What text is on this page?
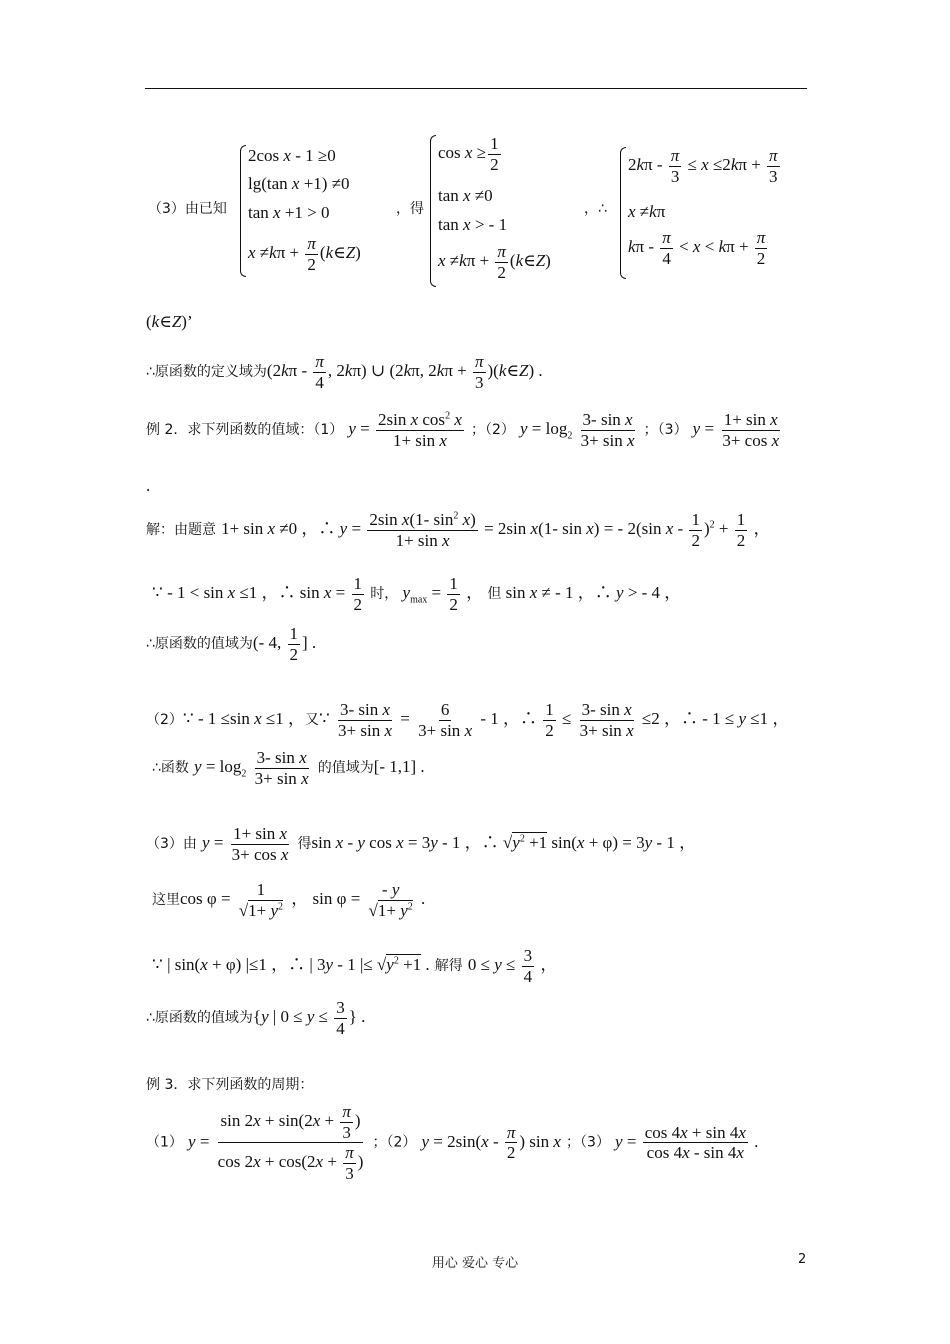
（3）由已知
2cos x - 1 ≥0
lg(tan x +1) ≠0
tan x +1 > 0
$x \ne k\pi + \frac{\pi}{2}$ (k∈Z)
，得
$\cos x \ge \frac{1}{2}$
tan x ≠0
tan x > - 1
$x \ne k\pi + \frac{\pi}{2}$ (k∈Z)
，∴
$2k\pi - \frac{\pi}{3} \le x \le 2k\pi + \frac{\pi}{3}$
x ≠kπ
$k\pi - \frac{\pi}{4} < x < k\pi + \frac{\pi}{2}$
(k∈Z)’
∴原函数的定义域为($2k\pi - \frac{\pi}{4}$ , 2kπ) ∪ (2kπ, $2k\pi + \frac{\pi}{3}$ )(k∈Z) .
例 2．求下列函数的值域：（1） $y = \frac{2\sin x \cos^2 x}{\text{1+ sin x}}$ ；（2） $y = \log_2 \frac{\text{3- sin x}}{\text{3+ sin x}}$ ；（3） $y = \frac{\text{1+ sin x}}{\text{3+ cos x}}$
.
解：由题意 1+ sin x ≠0 ，∴ $y = \frac{2\sin x(1- \sin^2 x)}{\text{1+ sin x}} = 2\sin$ x(1- sin x) = - 2(sin $x - \frac{1}{2} )^2 + \frac{1}{2}$ ，
∵ - 1 < sin x ≤1 ，∴ $\sin x = \frac{1}{2}$ 时， $y_{max} = \frac{1}{2}$ ， 但 sin x ≠ - 1 ，∴ y > - 4 ，
∴原函数的值域为(- 4, $\frac{1}{2}$ ] .
（2）∵ - 1 ≤sin x ≤1 ，又∵ $\frac{\text{3- sin x}}{\text{3+ sin x}} = \frac{6}{\text{3+ sin x}} - 1$ ，∴ $\frac{1}{2} \le \frac{\text{3- sin x}}{\text{3+ sin x}} \le 2$ ，∴ - 1 ≤ y ≤1 ，
∴函数 $y = \log_2 \frac{\text{3- sin x}}{\text{3+ sin x}}$ 的值域为[- 1,1] .
（3）由 $y = \frac{\text{1+ sin x}}{\text{3+ cos x}}$ 得sin x - y cos x = 3y - 1 ，∴ $√y^2 +1$ sin(x + φ) = 3y - 1 ，
这里$\cos \varphi = \frac{1}{√1+ y^2}$ ， $\sin \varphi = \frac{- y}{√1+ y^2}$ .
∵ | sin(x + φ) |≤1 ，∴ | 3y - 1 |≤ $√y^2 +1$ . 解得 $0 \le y \le \frac{3}{4}$ ，
∴原函数的值域为{y | $0 \le y \le \frac{3}{4}$ } .
例 3．求下列函数的周期：
（1） $y = \frac{\sin 2x + \sin(2x + \frac{\pi}{3} )}{\cos 2x + \cos(2x + \frac{\pi}{3} )}$ ；（2） $y = 2\sin(x - \frac{\pi}{2}$ ) sin x ；（3） $y = \frac{\cos 4x + \sin 4x}{\cos 4x - \sin 4x}$ .
用心 爱心 专心	2
